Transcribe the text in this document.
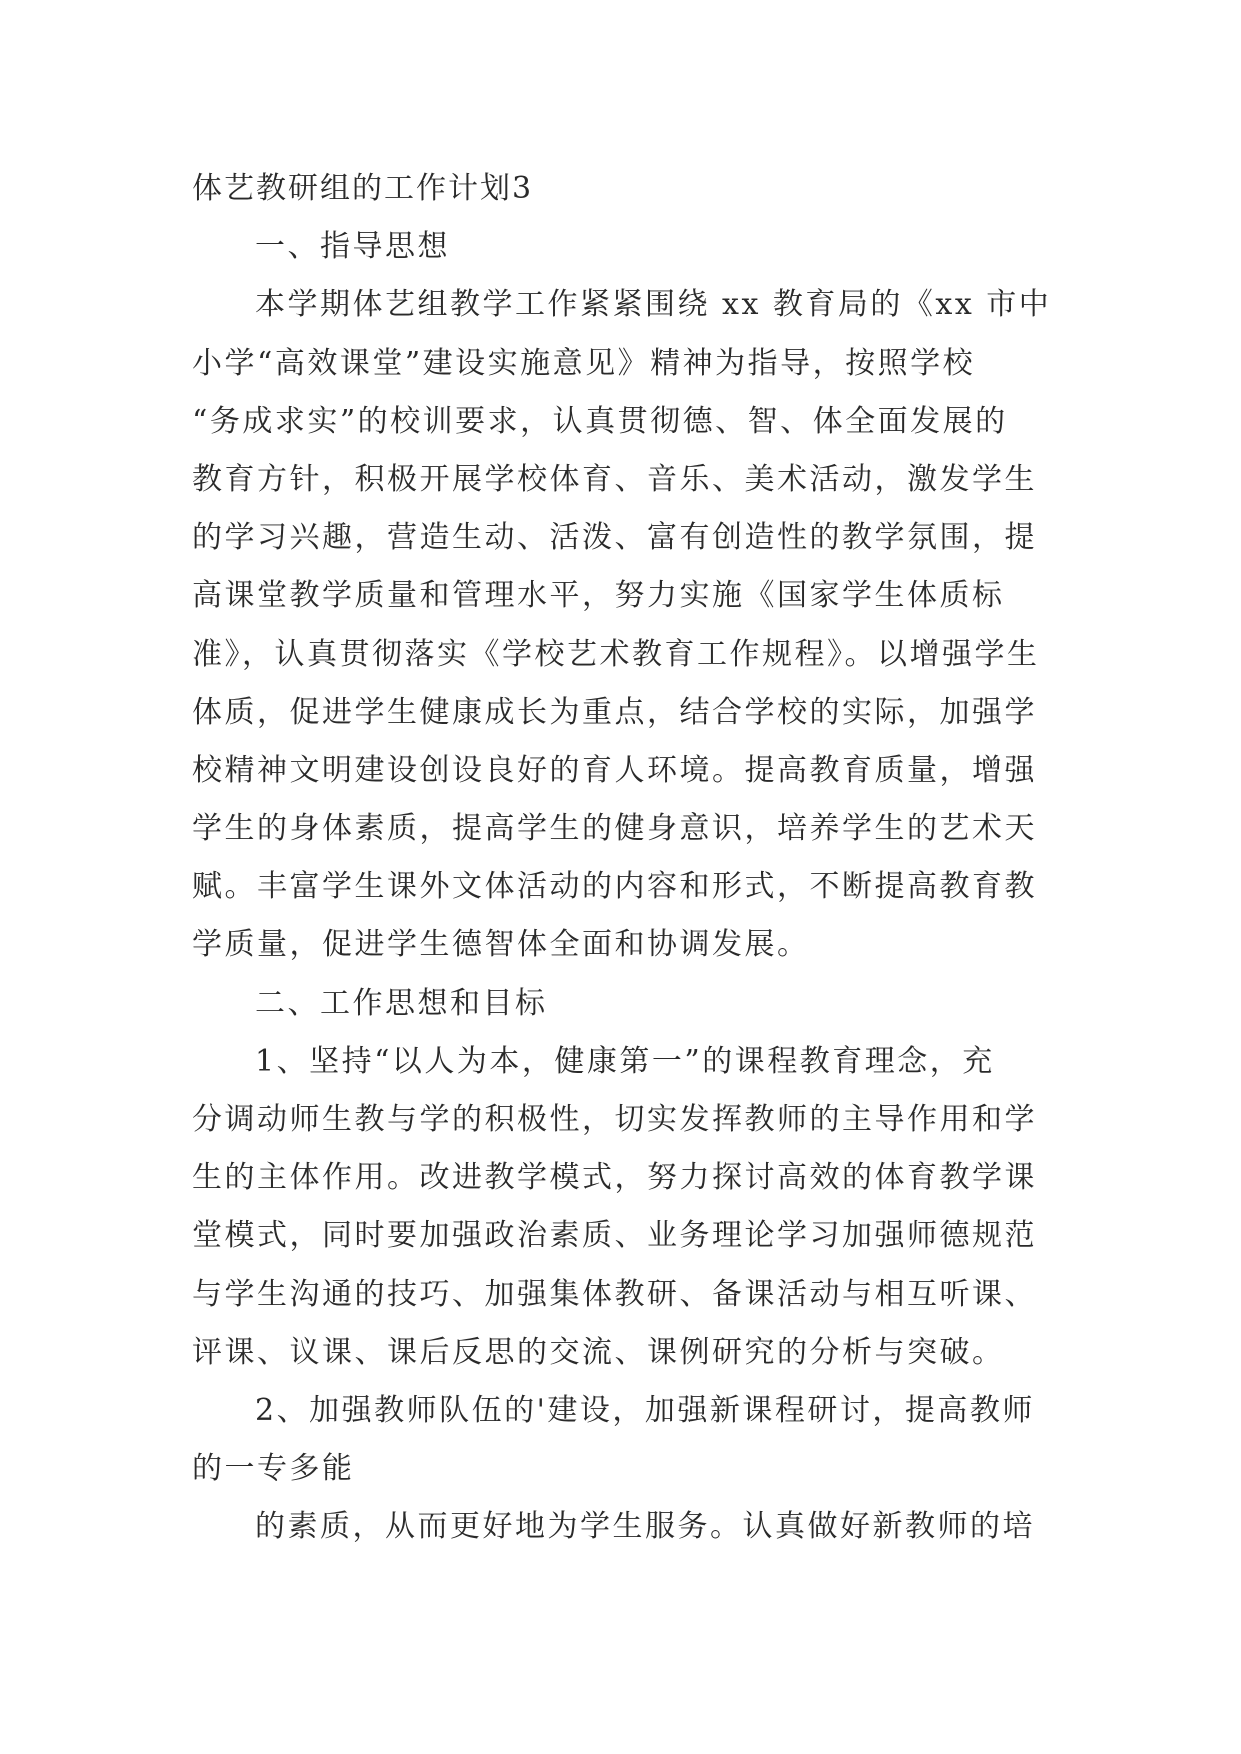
体艺教研组的工作计划3
一、指导思想
本学期体艺组教学工作紧紧围绕 xx 教育局的《xx 市中
小学“高效课堂”建设实施意见》精神为指导，按照学校
“务成求实”的校训要求，认真贯彻德、智、体全面发展的
教育方针，积极开展学校体育、音乐、美术活动，激发学生
的学习兴趣，营造生动、活泼、富有创造性的教学氛围，提
高课堂教学质量和管理水平，努力实施《国家学生体质标
准》，认真贯彻落实《学校艺术教育工作规程》。以增强学生
体质，促进学生健康成长为重点，结合学校的实际，加强学
校精神文明建设创设良好的育人环境。提高教育质量，增强
学生的身体素质，提高学生的健身意识，培养学生的艺术天
赋。丰富学生课外文体活动的内容和形式，不断提高教育教
学质量，促进学生德智体全面和协调发展。
二、工作思想和目标
1、坚持“以人为本，健康第一”的课程教育理念，充
分调动师生教与学的积极性，切实发挥教师的主导作用和学
生的主体作用。改进教学模式，努力探讨高效的体育教学课
堂模式，同时要加强政治素质、业务理论学习加强师德规范
与学生沟通的技巧、加强集体教研、备课活动与相互听课、
评课、议课、课后反思的交流、课例研究的分析与突破。
2、加强教师队伍的'建设，加强新课程研讨，提高教师
的一专多能
的素质，从而更好地为学生服务。认真做好新教师的培
